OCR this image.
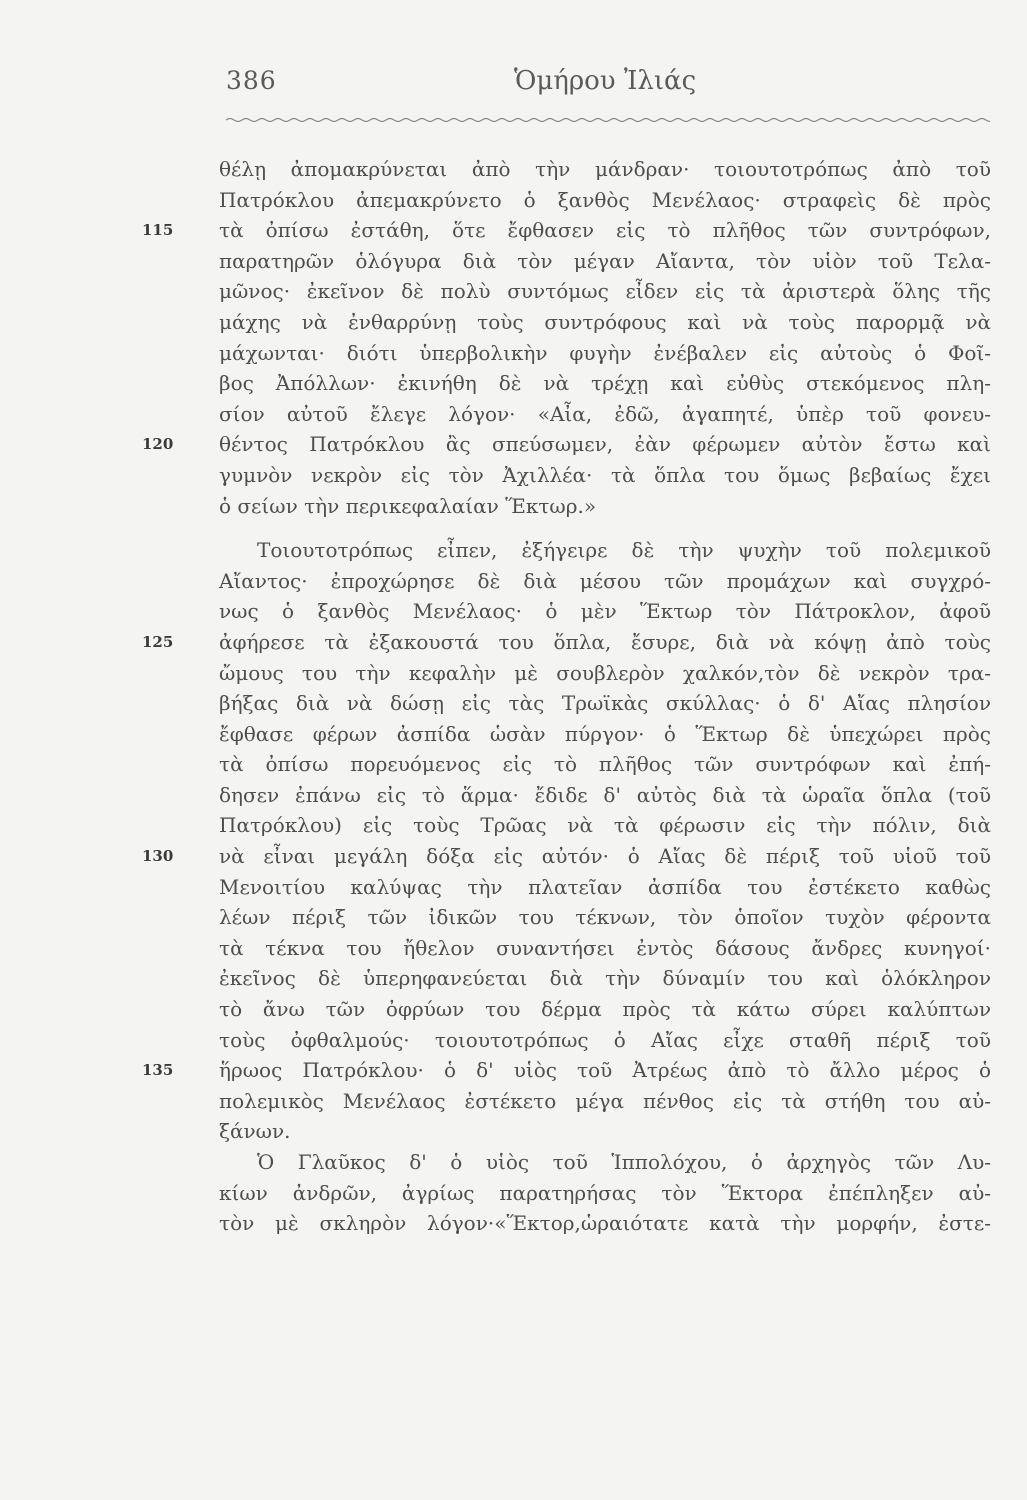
386	Ὁμήρου Ἰλιάς
θέλῃ ἀπομακρύνεται ἀπὸ τὴν μάνδραν· τοιουτοτρόπως ἀπὸ τοῦ
Πατρόκλου ἀπεμακρύνετο ὁ ξανθὸς Μενέλαος· στραφεὶς δὲ πρὸς
τὰ ὀπίσω ἐστάθη, ὅτε ἔφθασεν εἰς τὸ πλῆθος τῶν συντρόφων,
παρατηρῶν ὁλόγυρα διὰ τὸν μέγαν Αἴαντα, τὸν υἱὸν τοῦ Τελα-
μῶνος· ἐκεῖνον δὲ πολὺ συντόμως εἶδεν εἰς τὰ ἀριστερὰ ὅλης τῆς
μάχης νὰ ἐνθαρρύνῃ τοὺς συντρόφους καὶ νὰ τοὺς παρορμᾷ νὰ
μάχωνται· διότι ὑπερβολικὴν φυγὴν ἐνέβαλεν εἰς αὐτοὺς ὁ Φοῖ-
βος Ἀπόλλων· ἐκινήθη δὲ νὰ τρέχῃ καὶ εὐθὺς στεκόμενος πλη-
σίον αὐτοῦ ἔλεγε λόγον· «Αἶα, ἐδῶ, ἀγαπητέ, ὑπὲρ τοῦ φονευ-
θέντος Πατρόκλου ἂς σπεύσωμεν, ἐὰν φέρωμεν αὐτὸν ἔστω καὶ
γυμνὸν νεκρὸν εἰς τὸν Ἀχιλλέα· τὰ ὅπλα του ὅμως βεβαίως ἔχει
ὁ σείων τὴν περικεφαλαίαν Ἕκτωρ.»
Τοιουτοτρόπως εἶπεν, ἐξήγειρε δὲ τὴν ψυχὴν τοῦ πολεμικοῦ
Αἴαντος· ἐπροχώρησε δὲ διὰ μέσου τῶν προμάχων καὶ συγχρό-
νως ὁ ξανθὸς Μενέλαος· ὁ μὲν Ἕκτωρ τὸν Πάτροκλον, ἀφοῦ
ἀφήρεσε τὰ ἐξακουστά του ὅπλα, ἔσυρε, διὰ νὰ κόψῃ ἀπὸ τοὺς
ὤμους του τὴν κεφαλὴν μὲ σουβλερὸν χαλκόν,τὸν δὲ νεκρὸν τρα-
βήξας διὰ νὰ δώσῃ εἰς τὰς Τρωϊκὰς σκύλλας· ὁ δ' Αἴας πλησίον
ἔφθασε φέρων ἀσπίδα ὡσὰν πύργον· ὁ Ἕκτωρ δὲ ὑπεχώρει πρὸς
τὰ ὀπίσω πορευόμενος εἰς τὸ πλῆθος τῶν συντρόφων καὶ ἐπή-
δησεν ἐπάνω εἰς τὸ ἅρμα· ἔδιδε δ' αὐτὸς διὰ τὰ ὡραῖα ὅπλα (τοῦ
Πατρόκλου) εἰς τοὺς Τρῶας νὰ τὰ φέρωσιν εἰς τὴν πόλιν, διὰ
νὰ εἶναι μεγάλη δόξα εἰς αὐτόν· ὁ Αἴας δὲ πέριξ τοῦ υἱοῦ τοῦ
Μενοιτίου καλύψας τὴν πλατεῖαν ἀσπίδα του ἐστέκετο καθὼς
λέων πέριξ τῶν ἰδικῶν του τέκνων, τὸν ὁποῖον τυχὸν φέροντα
τὰ τέκνα του ἤθελον συναντήσει ἐντὸς δάσους ἄνδρες κυνηγοί·
ἐκεῖνος δὲ ὑπερηφανεύεται διὰ τὴν δύναμίν του καὶ ὁλόκληρον
τὸ ἄνω τῶν ὀφρύων του δέρμα πρὸς τὰ κάτω σύρει καλύπτων
τοὺς ὀφθαλμούς· τοιουτοτρόπως ὁ Αἴας εἶχε σταθῆ πέριξ τοῦ
ἥρωος Πατρόκλου· ὁ δ' υἱὸς τοῦ Ἀτρέως ἀπὸ τὸ ἄλλο μέρος ὁ
πολεμικὸς Μενέλαος ἐστέκετο μέγα πένθος εἰς τὰ στήθη του αὐ-
ξάνων.
Ὁ Γλαῦκος δ' ὁ υἱὸς τοῦ Ἱππολόχου, ὁ ἀρχηγὸς τῶν Λυ-
κίων ἀνδρῶν, ἀγρίως παρατηρήσας τὸν Ἕκτορα ἐπέπληξεν αὐ-
τὸν μὲ σκληρὸν λόγον·«Ἕκτορ,ὡραιότατε κατὰ τὴν μορφήν, ἐστε-
115
120
125
130
135
